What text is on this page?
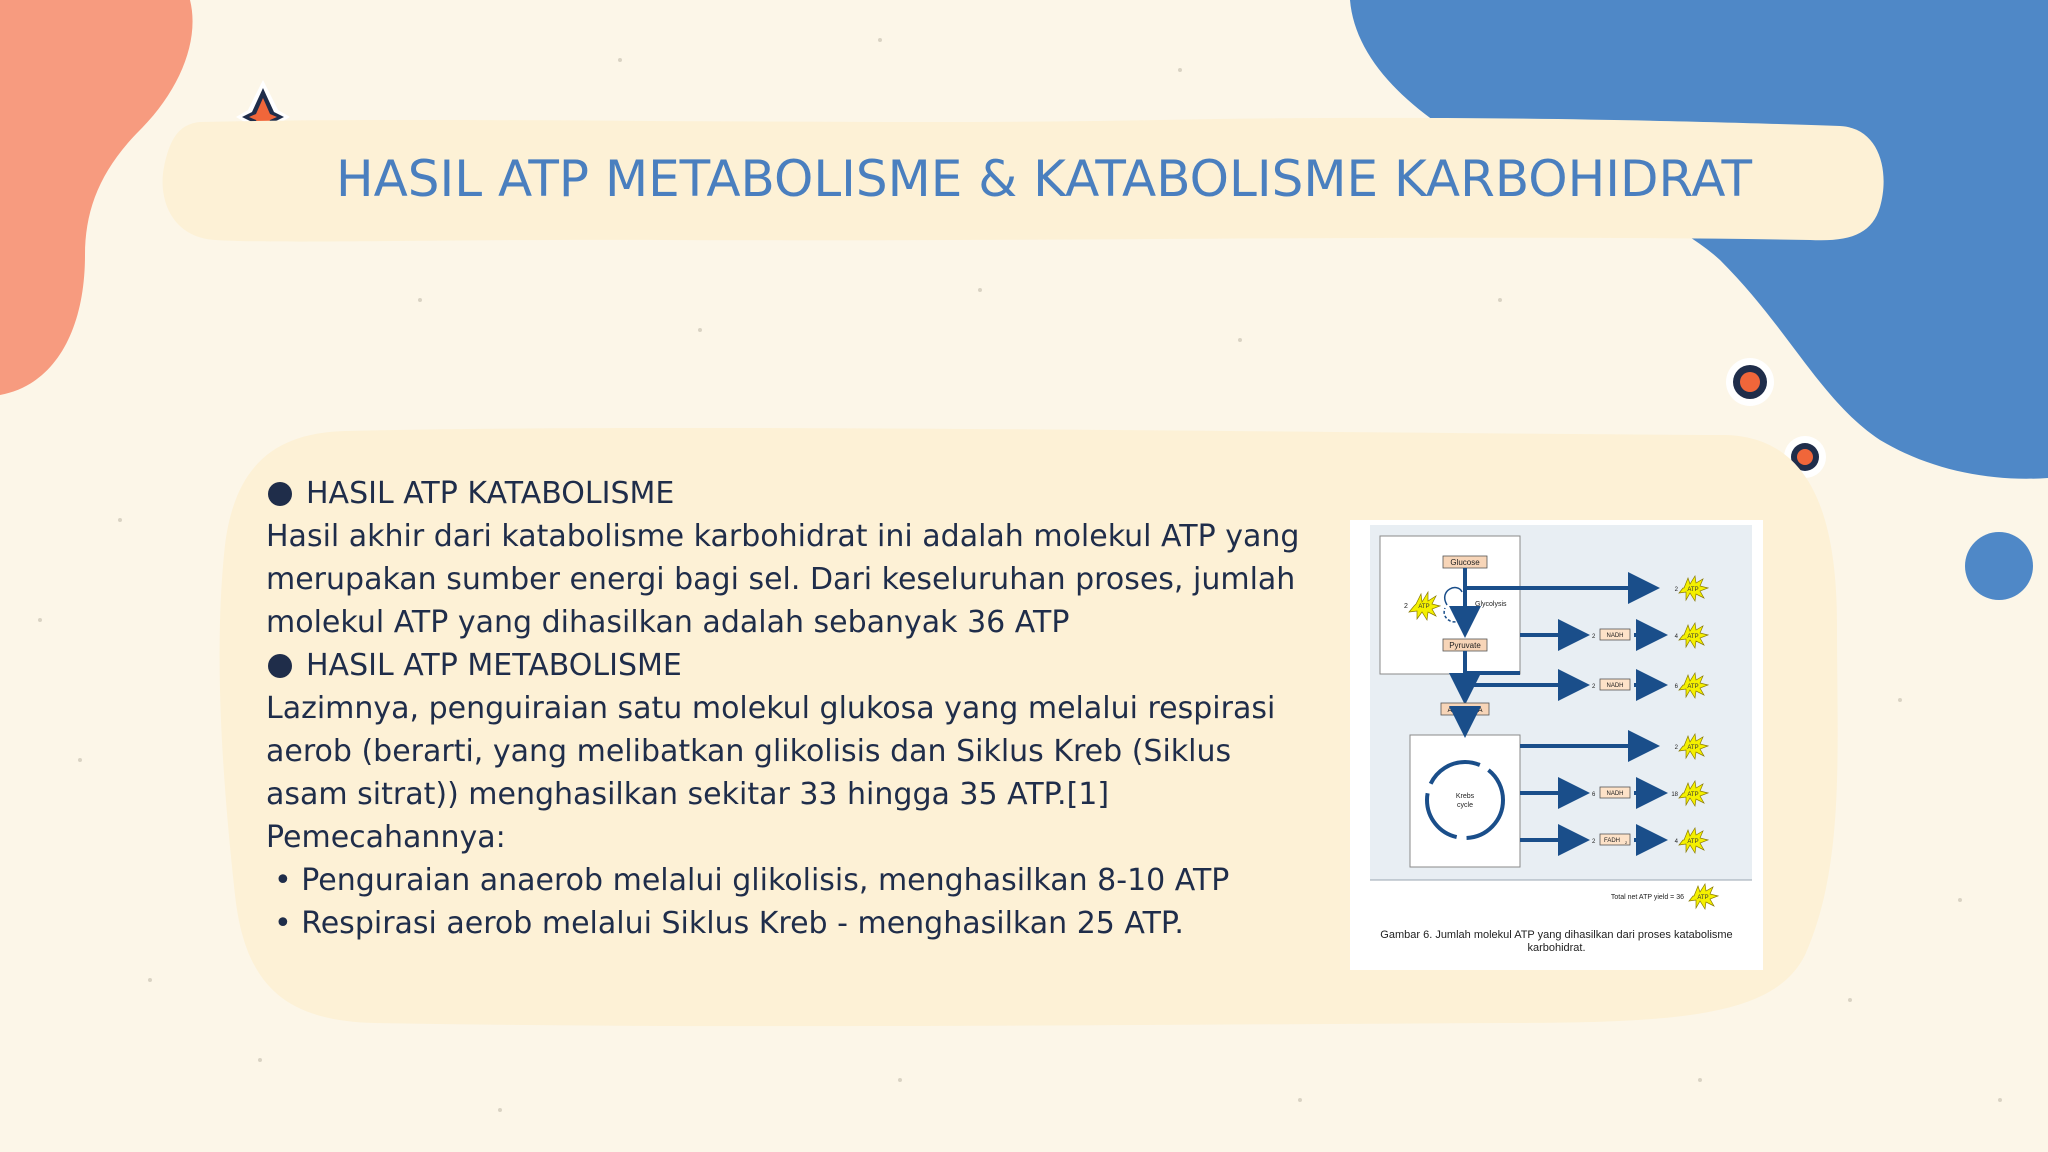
HASIL ATP METABOLISME & KATABOLISME KARBOHIDRAT

HASIL ATP KATABOLISME

Hasil akhir dari katabolisme karbohidrat ini adalah molekul ATP yang merupakan sumber energi bagi sel. Dari keseluruhan proses, jumlah molekul ATP yang dihasilkan adalah sebanyak 36 ATP

HASIL ATP METABOLISME

Lazimnya, penguiraian satu molekul glukosa yang melalui respirasi aerob (berarti, yang melibatkan glikolisis dan Siklus Kreb (Siklus asam sitrat)) menghasilkan sekitar 33 hingga 35 ATP.[1] Pemecahannya:

• Penguraian anaerob melalui glikolisis, menghasilkan 8-10 ATP

• Respirasi aerob melalui Siklus Kreb - menghasilkan 25 ATP.

Glucose
Glycolysis
ATP
2
Pyruvate
Acetyl-CoA
Krebs
cycle
2 ATP
2 NADH	4 ATP
2 NADH	6 ATP
2 ATP
6 NADH	18 ATP
2 FADH 2	4 ATP
Total net ATP yield = 36 ATP
Gambar 6. Jumlah molekul ATP yang dihasilkan dari proses katabolisme karbohidrat.
